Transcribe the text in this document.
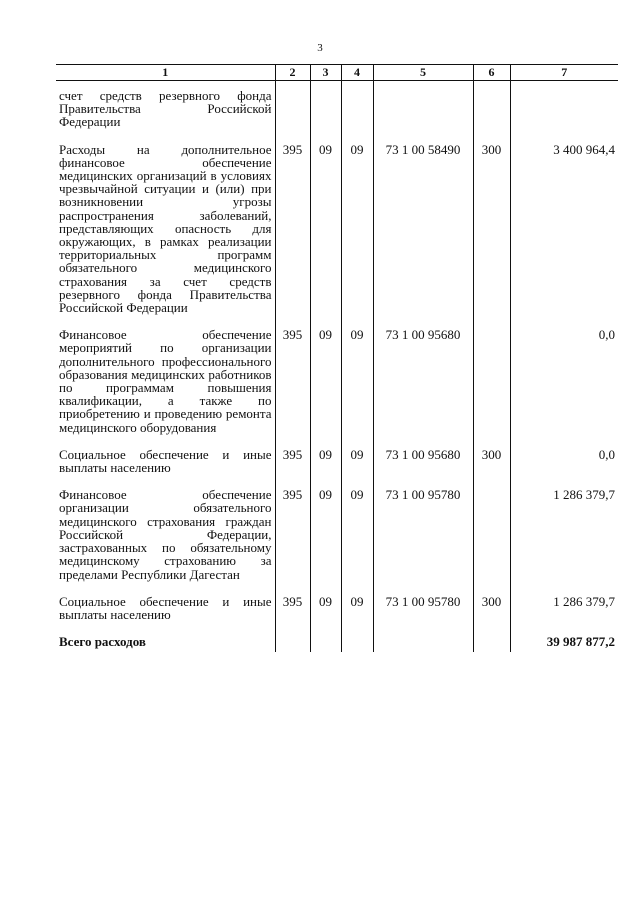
3
1	2	3	4	5	6	7
счет средств резервного фонда Правительства Российской Федерации						
Расходы на дополнительное финансовое обеспечение медицинских организаций в условиях чрезвычайной ситуации и (или) при возникновении угрозы распространения заболеваний, представляющих опасность для окружающих, в рамках реализации территориальных программ обязательного медицинского страхования за счет средств резервного фонда Правительства Российской Федерации	395	09	09	73 1 00 58490	300	3 400 964,4
Финансовое обеспечение мероприятий по организации дополнительного профессионального образования медицинских работников по программам повышения квалификации, а также по приобретению и проведению ремонта медицинского оборудования	395	09	09	73 1 00 95680		0,0
Социальное обеспечение и иные выплаты населению	395	09	09	73 1 00 95680	300	0,0
Финансовое обеспечение организации обязательного медицинского страхования граждан Российской Федерации, застрахованных по обязательному медицинскому страхованию за пределами Республики Дагестан	395	09	09	73 1 00 95780		1 286 379,7
Социальное обеспечение и иные выплаты населению	395	09	09	73 1 00 95780	300	1 286 379,7
Всего расходов						39 987 877,2
